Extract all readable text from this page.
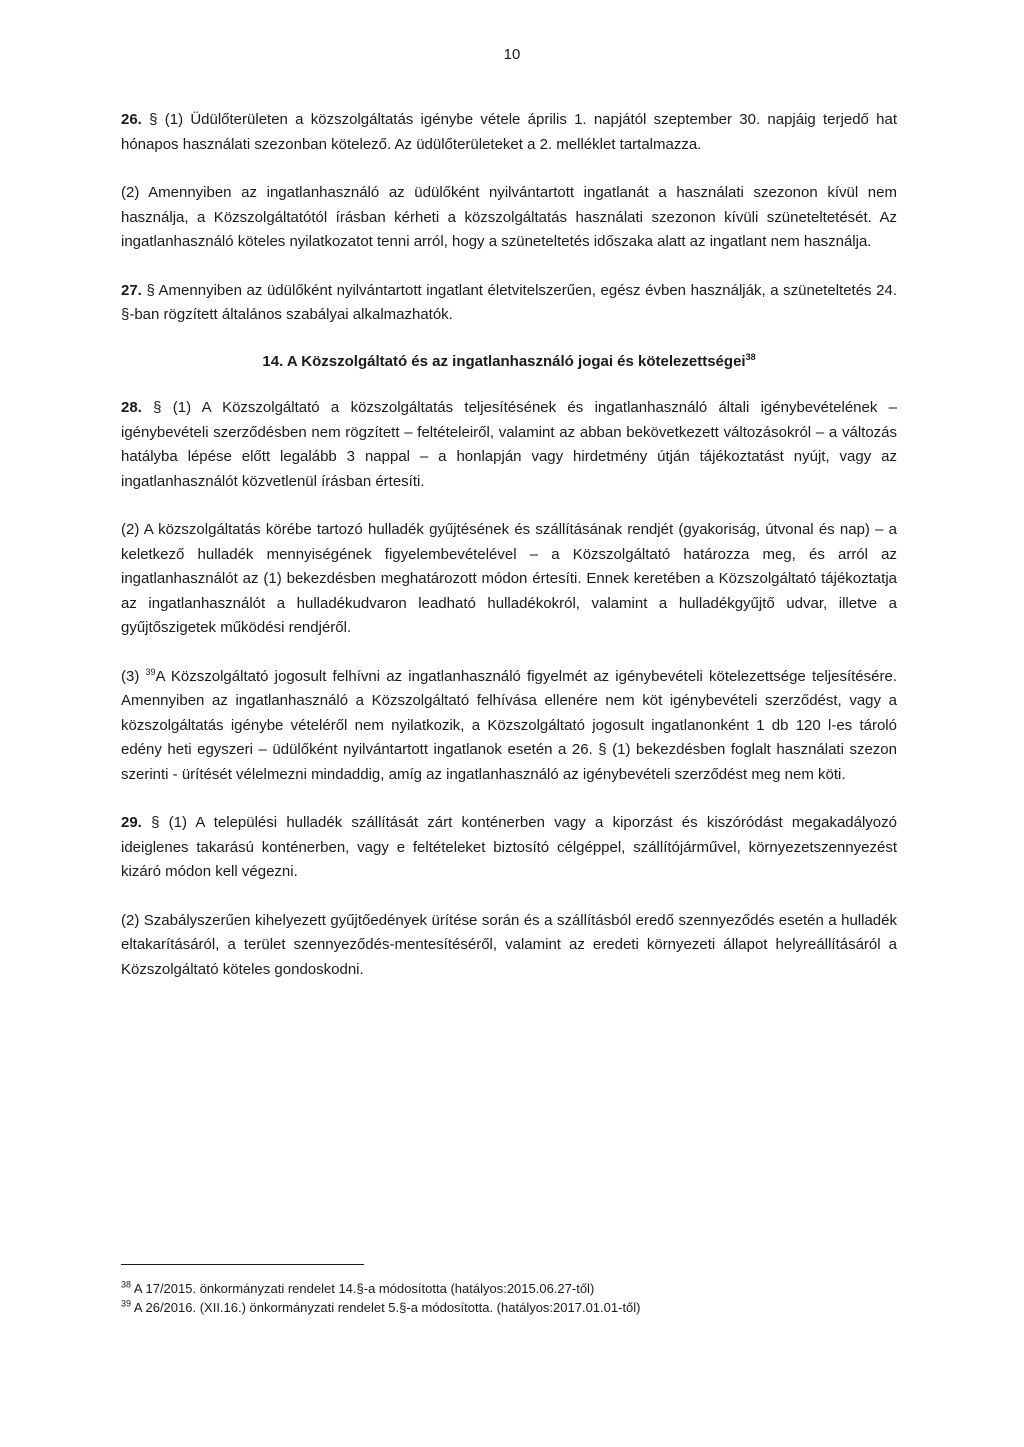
10

26. § (1) Üdülőterületen a közszolgáltatás igénybe vétele április 1. napjától szeptember 30. napjáig terjedő hat hónapos használati szezonban kötelező. Az üdülőterületeket a 2. melléklet tartalmazza.

(2) Amennyiben az ingatlanhasználó az üdülőként nyilvántartott ingatlanát a használati szezonon kívül nem használja, a Közszolgáltatótól írásban kérheti a közszolgáltatás használati szezonon kívüli szüneteltetését. Az ingatlanhasználó köteles nyilatkozatot tenni arról, hogy a szüneteltetés időszaka alatt az ingatlant nem használja.

27. § Amennyiben az üdülőként nyilvántartott ingatlant életvitelszerűen, egész évben használják, a szüneteltetés 24. §-ban rögzített általános szabályai alkalmazhatók.

14. A Közszolgáltató és az ingatlanhasználó jogai és kötelezettségei$^{38}$

28. § (1) A Közszolgáltató a közszolgáltatás teljesítésének és ingatlanhasználó általi igénybevételének – igénybevételi szerződésben nem rögzített – feltételeiről, valamint az abban bekövetkezett változásokról – a változás hatályba lépése előtt legalább 3 nappal – a honlapján vagy hirdetmény útján tájékoztatást nyújt, vagy az ingatlanhasználót közvetlenül írásban értesíti.

(2) A közszolgáltatás körébe tartozó hulladék gyűjtésének és szállításának rendjét (gyakoriság, útvonal és nap) – a keletkező hulladék mennyiségének figyelembevételével – a Közszolgáltató határozza meg, és arról az ingatlanhasználót az (1) bekezdésben meghatározott módon értesíti. Ennek keretében a Közszolgáltató tájékoztatja az ingatlanhasználót a hulladékudvaron leadható hulladékokról, valamint a hulladékgyűjtő udvar, illetve a gyűjtőszigetek működési rendjéről.

(3) $^{39}$A Közszolgáltató jogosult felhívni az ingatlanhasználó figyelmét az igénybevételi kötelezettsége teljesítésére. Amennyiben az ingatlanhasználó a Közszolgáltató felhívása ellenére nem köt igénybevételi szerződést, vagy a közszolgáltatás igénybe vételéről nem nyilatkozik, a Közszolgáltató jogosult ingatlanonként 1 db 120 l-es tároló edény heti egyszeri – üdülőként nyilvántartott ingatlanok esetén a 26. § (1) bekezdésben foglalt használati szezon szerinti - ürítését vélelmezni mindaddig, amíg az ingatlanhasználó az igénybevételi szerződést meg nem köti.

29. § (1) A települési hulladék szállítását zárt konténerben vagy a kiporzást és kiszóródást megakadályozó ideiglenes takarású konténerben, vagy e feltételeket biztosító célgéppel, szállítójárművel, környezetszennyezést kizáró módon kell végezni.

(2) Szabályszerűen kihelyezett gyűjtőedények ürítése során és a szállításból eredő szennyeződés esetén a hulladék eltakarításáról, a terület szennyeződés-mentesítéséről, valamint az eredeti környezeti állapot helyreállításáról a Közszolgáltató köteles gondoskodni.

$^{38}$ A 17/2015. önkormányzati rendelet 14.§-a módosította (hatályos:2015.06.27-től)
$^{39}$ A 26/2016. (XII.16.) önkormányzati rendelet 5.§-a módosította. (hatályos:2017.01.01-től)
